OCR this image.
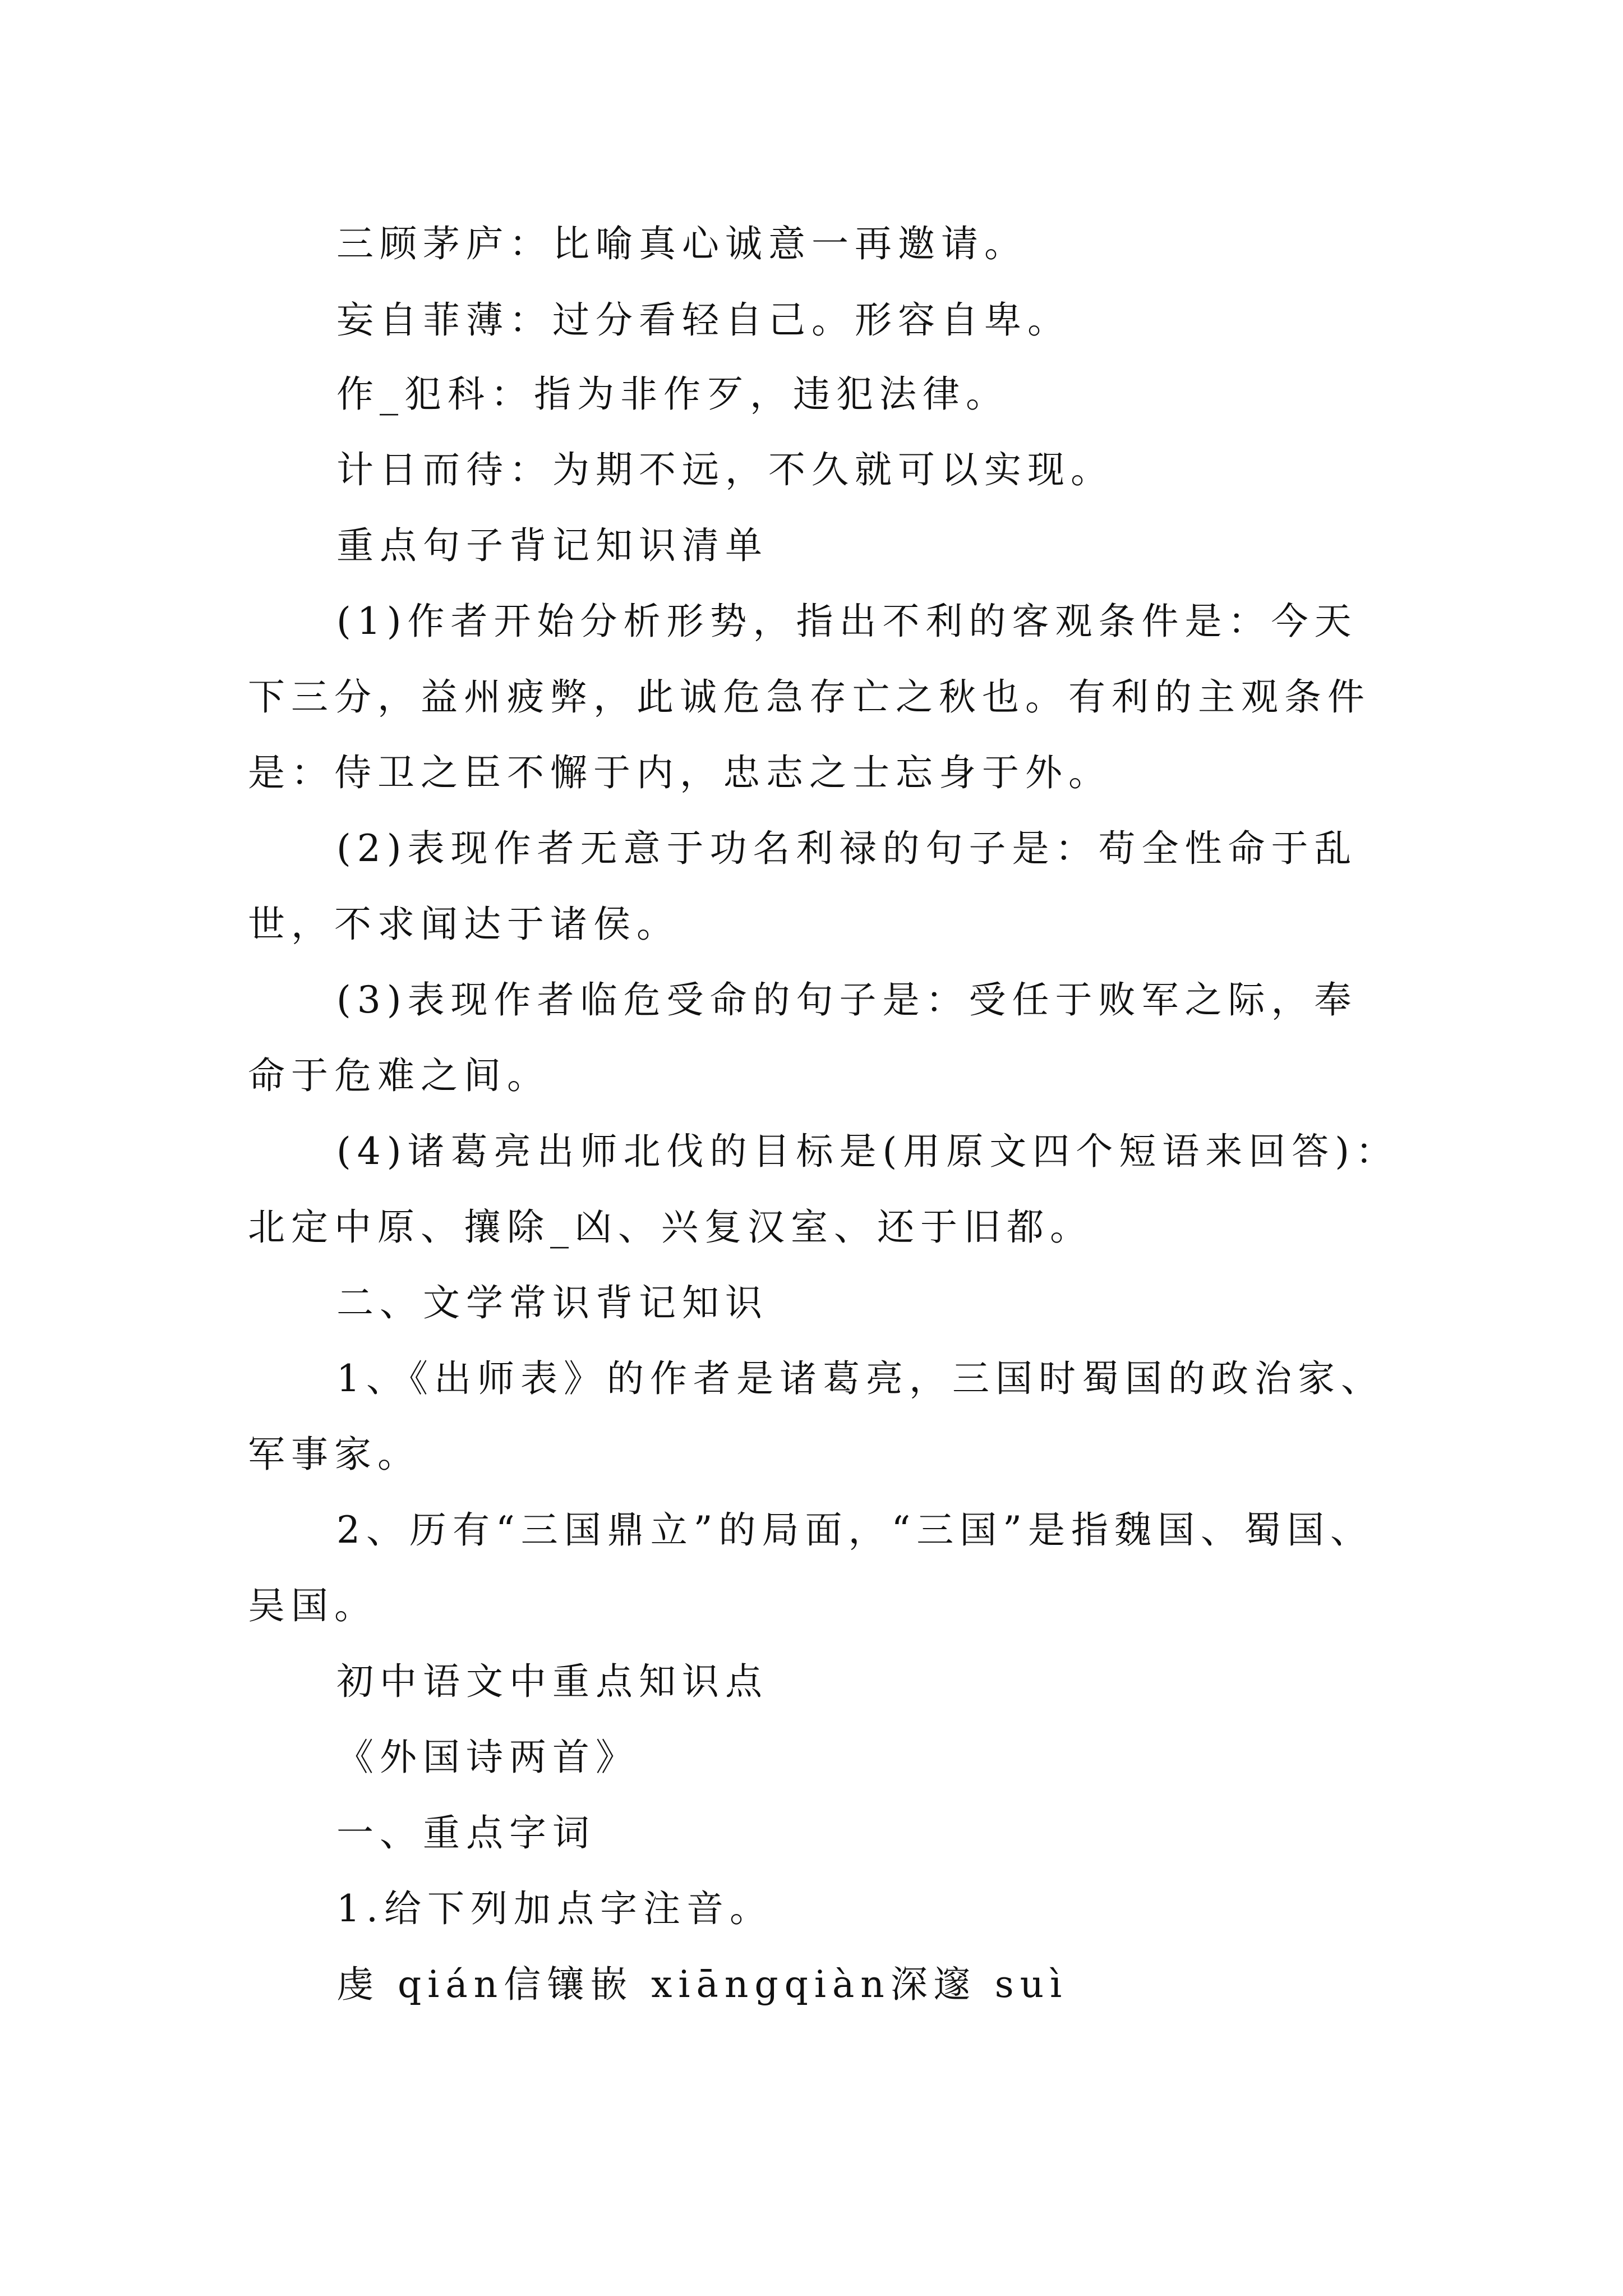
三顾茅庐：比喻真心诚意一再邀请。
妄自菲薄：过分看轻自己。形容自卑。
作_犯科：指为非作歹，违犯法律。
计日而待：为期不远，不久就可以实现。
重点句子背记知识清单
(1)作者开始分析形势，指出不利的客观条件是：今天
下三分，益州疲弊，此诚危急存亡之秋也。有利的主观条件
是：侍卫之臣不懈于内，忠志之士忘身于外。
(2)表现作者无意于功名利禄的句子是：苟全性命于乱
世，不求闻达于诸侯。
(3)表现作者临危受命的句子是：受任于败军之际，奉
命于危难之间。
(4)诸葛亮出师北伐的目标是(用原文四个短语来回答)：
北定中原、攘除_凶、兴复汉室、还于旧都。
二、文学常识背记知识
1、《出师表》的作者是诸葛亮，三国时蜀国的政治家、
军事家。
2、历有“三国鼎立”的局面，“三国”是指魏国、蜀国、
吴国。
初中语文中重点知识点
《外国诗两首》
一、重点字词
1.给下列加点字注音。
虔 qián信镶嵌 xiāngqiàn深邃 suì
